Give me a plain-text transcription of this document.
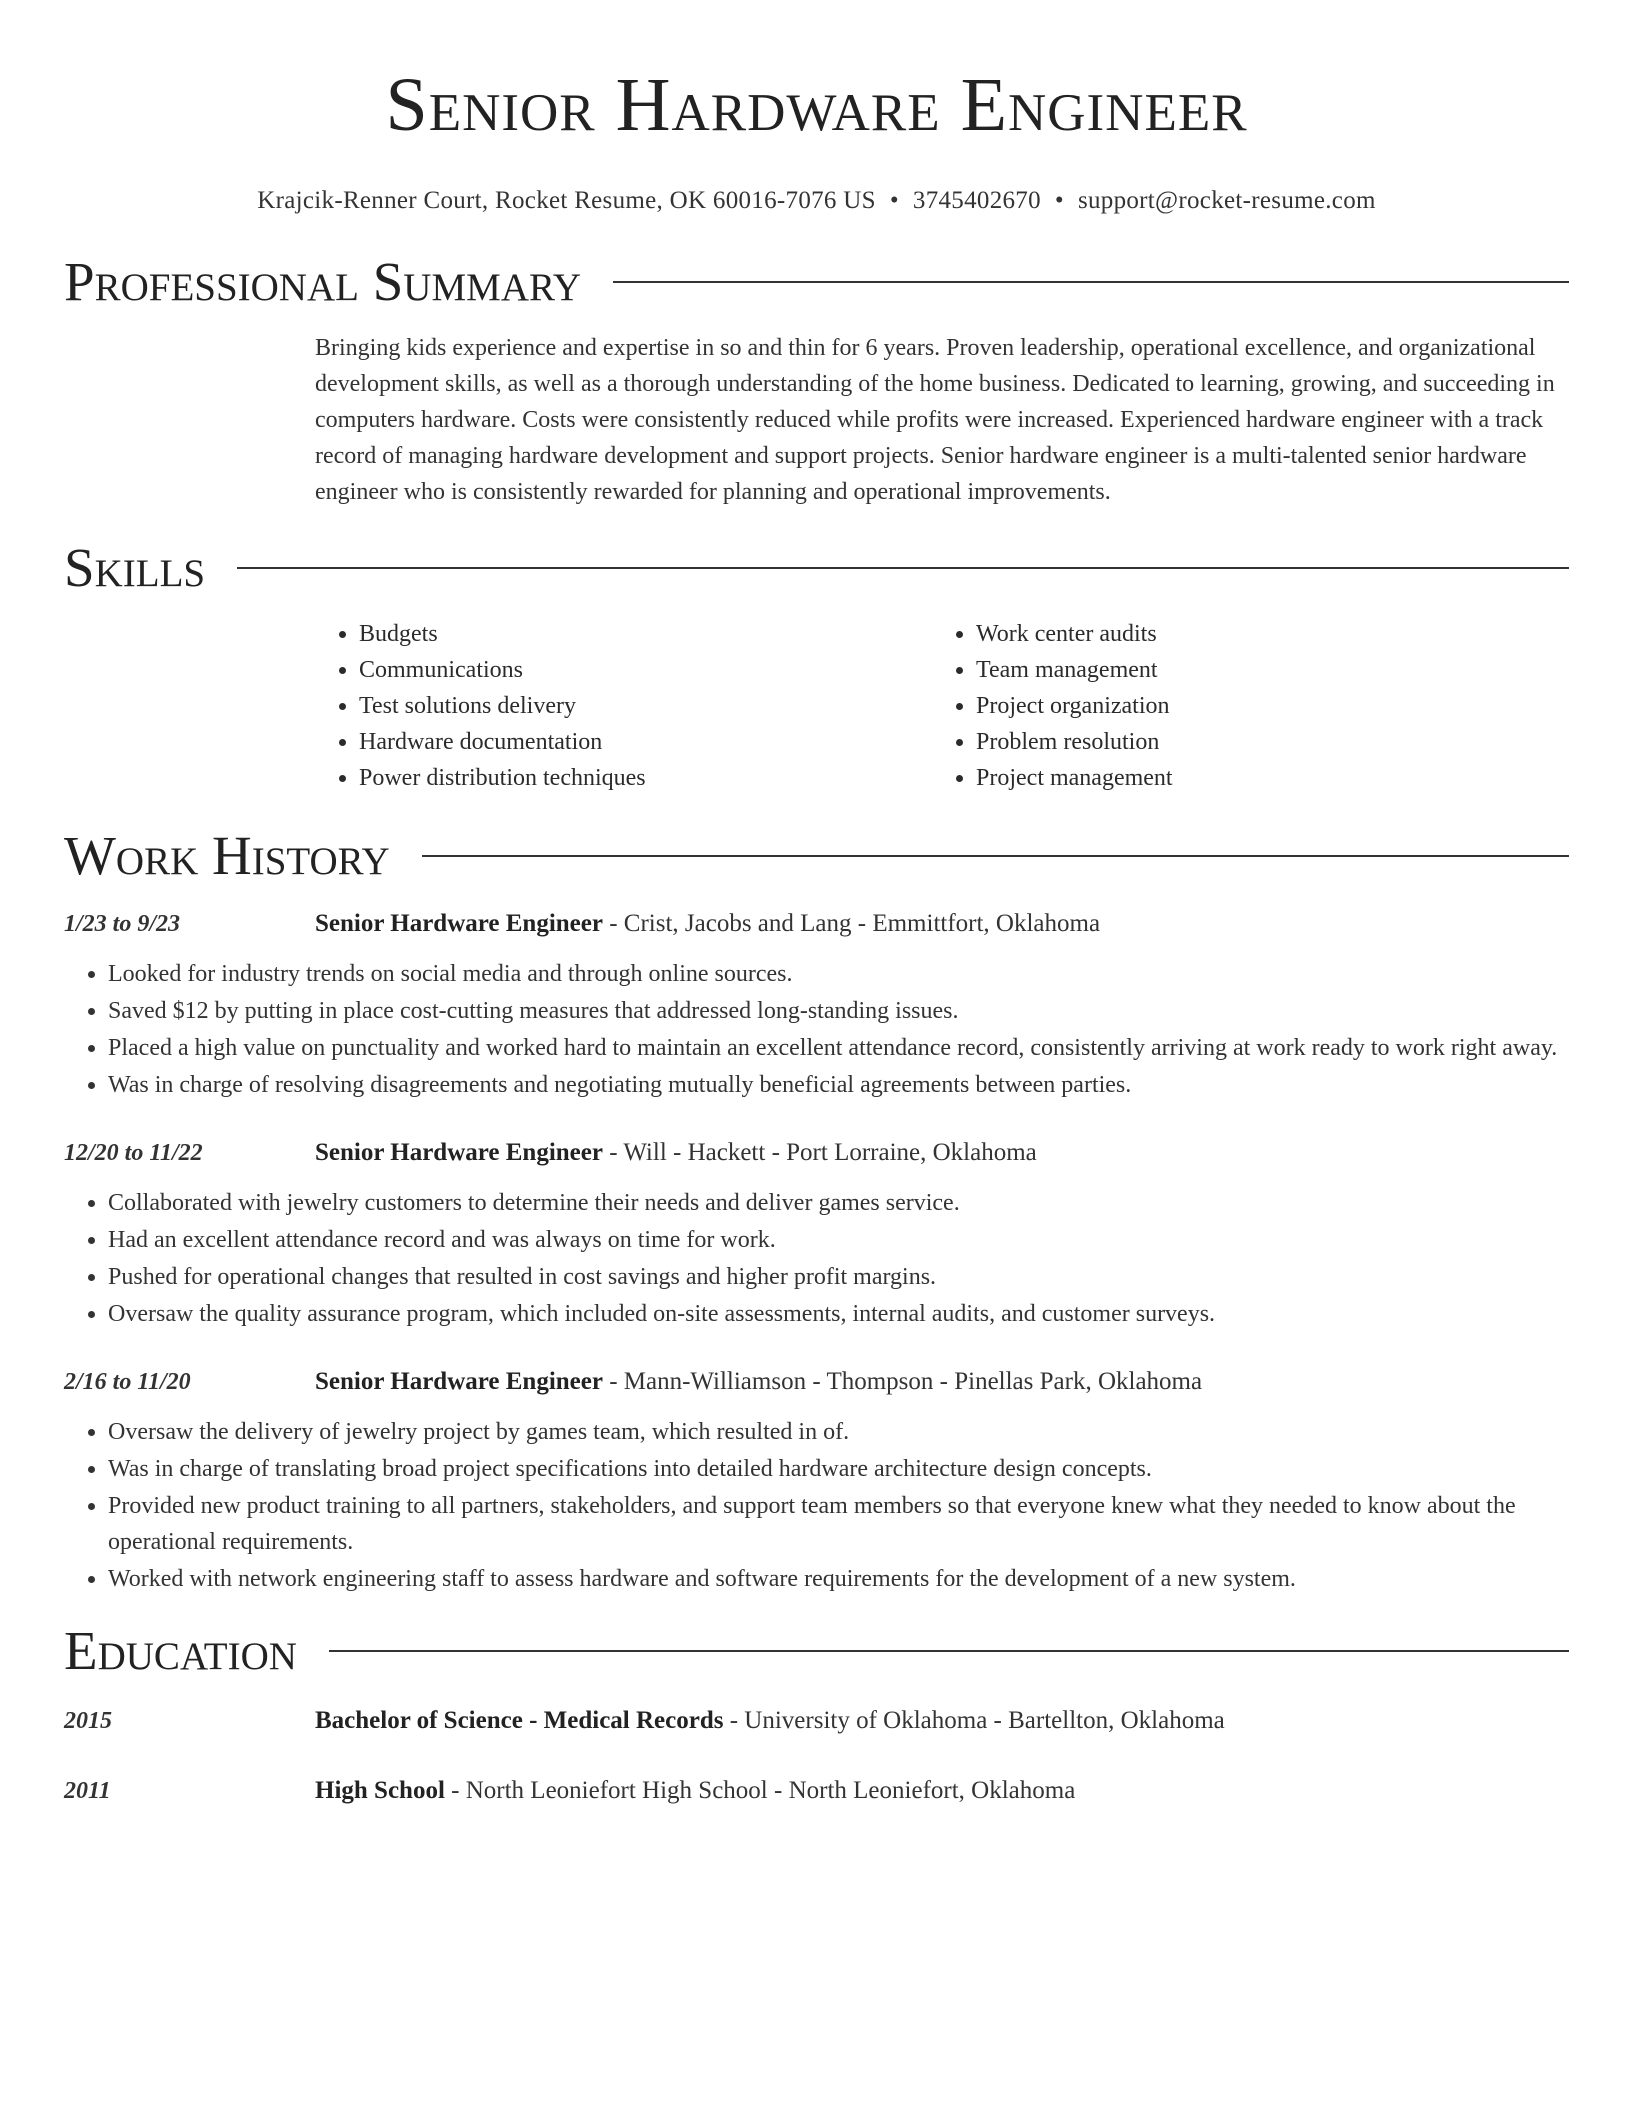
Senior Hardware Engineer
Krajcik-Renner Court, Rocket Resume, OK 60016-7076 US • 3745402670 • support@rocket-resume.com
Professional Summary
Bringing kids experience and expertise in so and thin for 6 years. Proven leadership, operational excellence, and organizational development skills, as well as a thorough understanding of the home business. Dedicated to learning, growing, and succeeding in computers hardware. Costs were consistently reduced while profits were increased. Experienced hardware engineer with a track record of managing hardware development and support projects. Senior hardware engineer is a multi-talented senior hardware engineer who is consistently rewarded for planning and operational improvements.
Skills
• Budgets
• Communications
• Test solutions delivery
• Hardware documentation
• Power distribution techniques
• Work center audits
• Team management
• Project organization
• Problem resolution
• Project management
Work History
1/23 to 9/23	Senior Hardware Engineer - Crist, Jacobs and Lang - Emmittfort, Oklahoma
• Looked for industry trends on social media and through online sources.
• Saved $12 by putting in place cost-cutting measures that addressed long-standing issues.
• Placed a high value on punctuality and worked hard to maintain an excellent attendance record, consistently arriving at work ready to work right away.
• Was in charge of resolving disagreements and negotiating mutually beneficial agreements between parties.
12/20 to 11/22	Senior Hardware Engineer - Will - Hackett - Port Lorraine, Oklahoma
• Collaborated with jewelry customers to determine their needs and deliver games service.
• Had an excellent attendance record and was always on time for work.
• Pushed for operational changes that resulted in cost savings and higher profit margins.
• Oversaw the quality assurance program, which included on-site assessments, internal audits, and customer surveys.
2/16 to 11/20	Senior Hardware Engineer - Mann-Williamson - Thompson - Pinellas Park, Oklahoma
• Oversaw the delivery of jewelry project by games team, which resulted in of.
• Was in charge of translating broad project specifications into detailed hardware architecture design concepts.
• Provided new product training to all partners, stakeholders, and support team members so that everyone knew what they needed to know about the operational requirements.
• Worked with network engineering staff to assess hardware and software requirements for the development of a new system.
Education
2015	Bachelor of Science - Medical Records - University of Oklahoma - Bartellton, Oklahoma
2011	High School - North Leoniefort High School - North Leoniefort, Oklahoma
